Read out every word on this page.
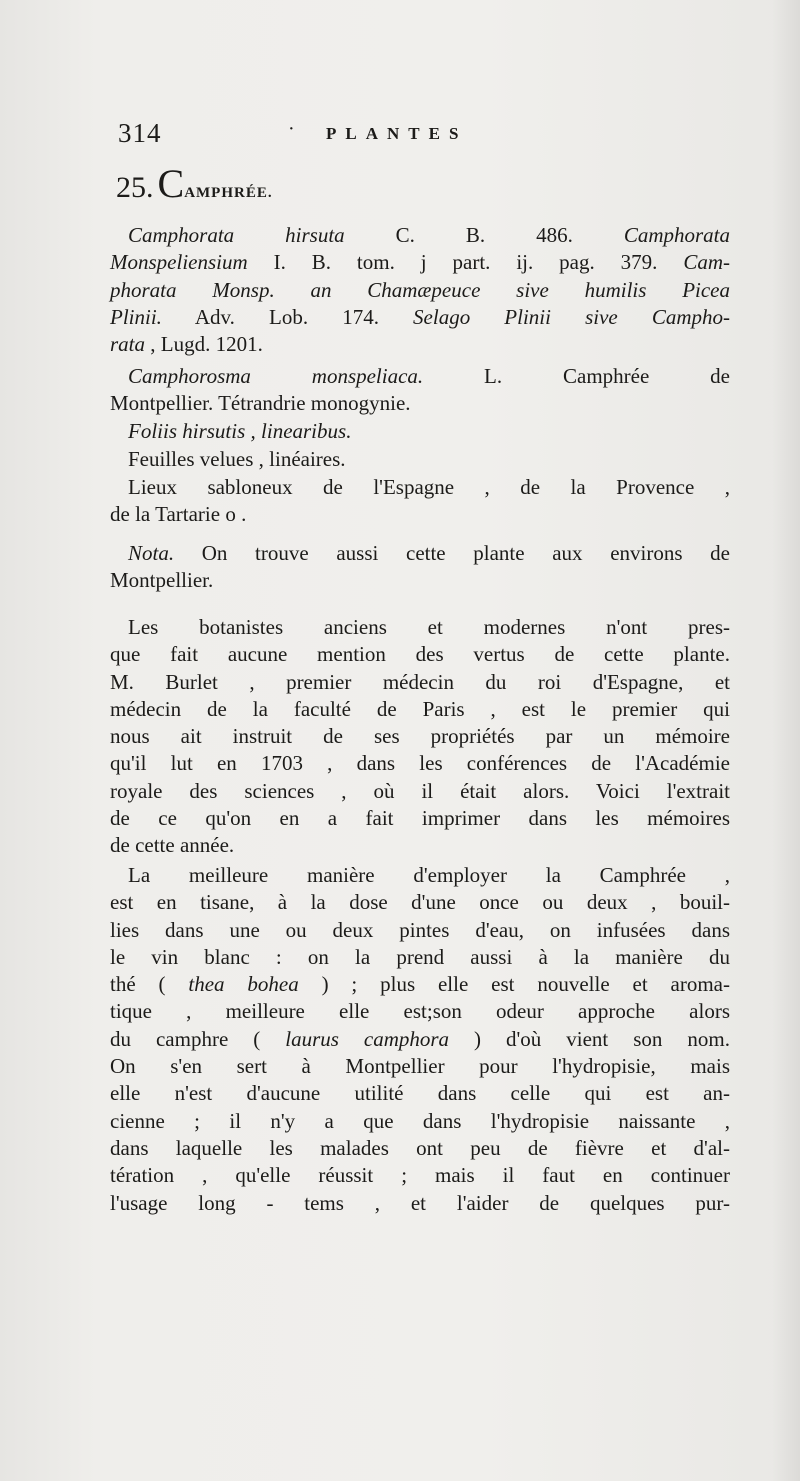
314	· PLANTES
25. CAMPHRÉE.
Camphorata hirsuta C. B. 486. Camphorata
Monspeliensium I. B. tom. j part. ij. pag. 379. Cam-
phorata Monsp. an Chamæpeuce sive humilis Picea
Plinii. Adv. Lob. 174. Selago Plinii sive Campho-
rata , Lugd. 1201.
Camphorosma monspeliaca. L. Camphrée de
Montpellier. Tétrandrie monogynie.
Foliis hirsutis , linearibus.
Feuilles velues , linéaires.
Lieux sabloneux de l'Espagne , de la Provence ,
de la Tartarie o .
Nota. On trouve aussi cette plante aux environs de
Montpellier.
Les botanistes anciens et modernes n'ont pres-
que fait aucune mention des vertus de cette plante.
M. Burlet , premier médecin du roi d'Espagne, et
médecin de la faculté de Paris , est le premier qui
nous ait instruit de ses propriétés par un mémoire
qu'il lut en 1703 , dans les conférences de l'Académie
royale des sciences , où il était alors. Voici l'extrait
de ce qu'on en a fait imprimer dans les mémoires
de cette année.
La meilleure manière d'employer la Camphrée ,
est en tisane, à la dose d'une once ou deux , bouil-
lies dans une ou deux pintes d'eau, on infusées dans
le vin blanc : on la prend aussi à la manière du
thé ( thea bohea ) ; plus elle est nouvelle et aroma-
tique , meilleure elle est;son odeur approche alors
du camphre ( laurus camphora ) d'où vient son nom.
On s'en sert à Montpellier pour l'hydropisie, mais
elle n'est d'aucune utilité dans celle qui est an-
cienne ; il n'y a que dans l'hydropisie naissante ,
dans laquelle les malades ont peu de fièvre et d'al-
tération , qu'elle réussit ; mais il faut en continuer
l'usage long - tems , et l'aider de quelques pur-
